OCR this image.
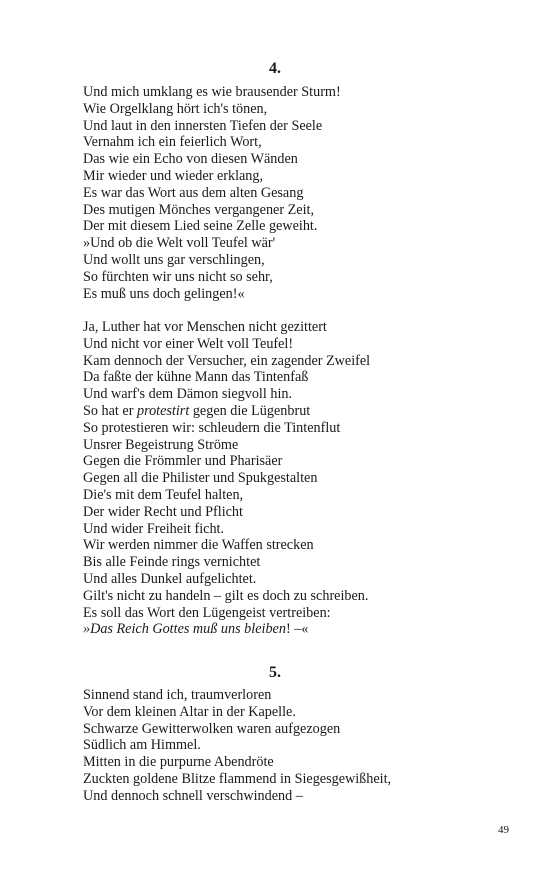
4.
Und mich umklang es wie brausender Sturm!
Wie Orgelklang hört ich's tönen,
Und laut in den innersten Tiefen der Seele
Vernahm ich ein feierlich Wort,
Das wie ein Echo von diesen Wänden
Mir wieder und wieder erklang,
Es war das Wort aus dem alten Gesang
Des mutigen Mönches vergangener Zeit,
Der mit diesem Lied seine Zelle geweiht.
»Und ob die Welt voll Teufel wär'
Und wollt uns gar verschlingen,
So fürchten wir uns nicht so sehr,
Es muß uns doch gelingen!«
Ja, Luther hat vor Menschen nicht gezittert
Und nicht vor einer Welt voll Teufel!
Kam dennoch der Versucher, ein zagender Zweifel
Da faßte der kühne Mann das Tintenfaß
Und warf's dem Dämon siegvoll hin.
So hat er protestirt gegen die Lügenbrut
So protestieren wir: schleudern die Tintenflut
Unsrer Begeistrung Ströme
Gegen die Frömmler und Pharisäer
Gegen all die Philister und Spukgestalten
Die's mit dem Teufel halten,
Der wider Recht und Pflicht
Und wider Freiheit ficht.
Wir werden nimmer die Waffen strecken
Bis alle Feinde rings vernichtet
Und alles Dunkel aufgelichtet.
Gilt's nicht zu handeln – gilt es doch zu schreiben.
Es soll das Wort den Lügengeist vertreiben:
»Das Reich Gottes muß uns bleiben! –«
5.
Sinnend stand ich, traumverloren
Vor dem kleinen Altar in der Kapelle.
Schwarze Gewitterwolken waren aufgezogen
Südlich am Himmel.
Mitten in die purpurne Abendröte
Zuckten goldene Blitze flammend in Siegesgewißheit,
Und dennoch schnell verschwindend –
49
